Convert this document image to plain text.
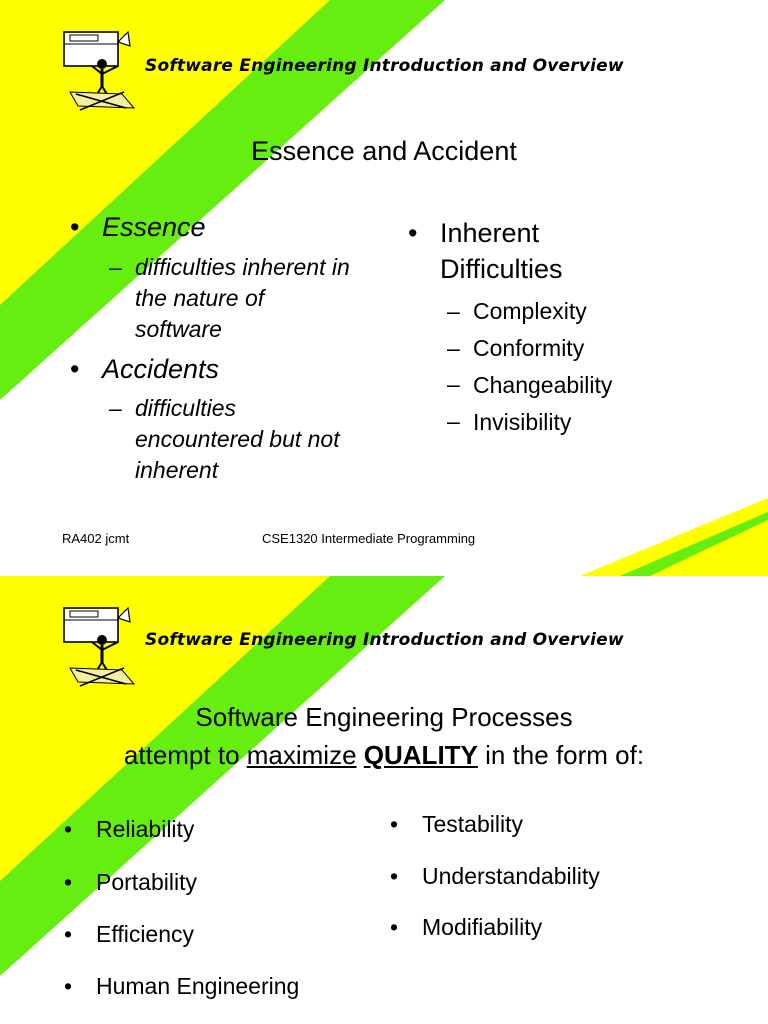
Software Engineering Introduction and Overview
Essence and Accident
• Essence
– difficulties inherent in
the nature of
software
• Accidents
– difficulties
encountered but not
inherent
• Inherent
Difficulties
–
–
–
–
Complexity
Conformity
Changeability
Invisibility
RA402 jcmt	CSE1320 Intermediate Programming
Software Engineering Introduction and Overview
Software Engineering Processes
attempt to maximize QUALITY in the form of:
• Reliability
• Portability
• Efficiency
• Human Engineering
• Testability
• Understandability
• Modifiability
